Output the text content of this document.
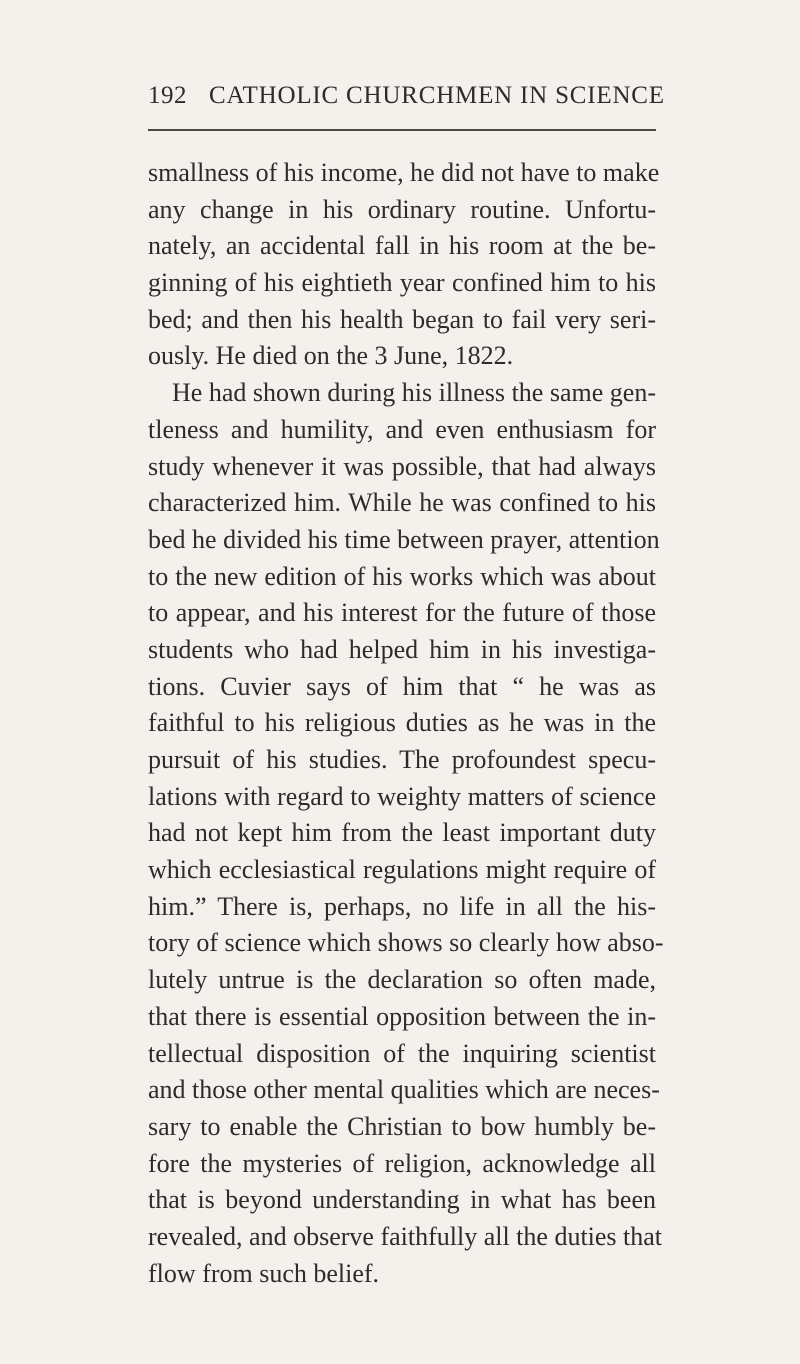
192 CATHOLIC CHURCHMEN IN SCIENCE
smallness of his income, he did not have to make
any change in his ordinary routine. Unfortu-
nately, an accidental fall in his room at the be-
ginning of his eightieth year confined him to his
bed; and then his health began to fail very seri-
ously. He died on the 3 June, 1822.
He had shown during his illness the same gen-
tleness and humility, and even enthusiasm for
study whenever it was possible, that had always
characterized him. While he was confined to his
bed he divided his time between prayer, attention
to the new edition of his works which was about
to appear, and his interest for the future of those
students who had helped him in his investiga-
tions. Cuvier says of him that “ he was as
faithful to his religious duties as he was in the
pursuit of his studies. The profoundest specu-
lations with regard to weighty matters of science
had not kept him from the least important duty
which ecclesiastical regulations might require of
him.” There is, perhaps, no life in all the his-
tory of science which shows so clearly how abso-
lutely untrue is the declaration so often made,
that there is essential opposition between the in-
tellectual disposition of the inquiring scientist
and those other mental qualities which are neces-
sary to enable the Christian to bow humbly be-
fore the mysteries of religion, acknowledge all
that is beyond understanding in what has been
revealed, and observe faithfully all the duties that
flow from such belief.
